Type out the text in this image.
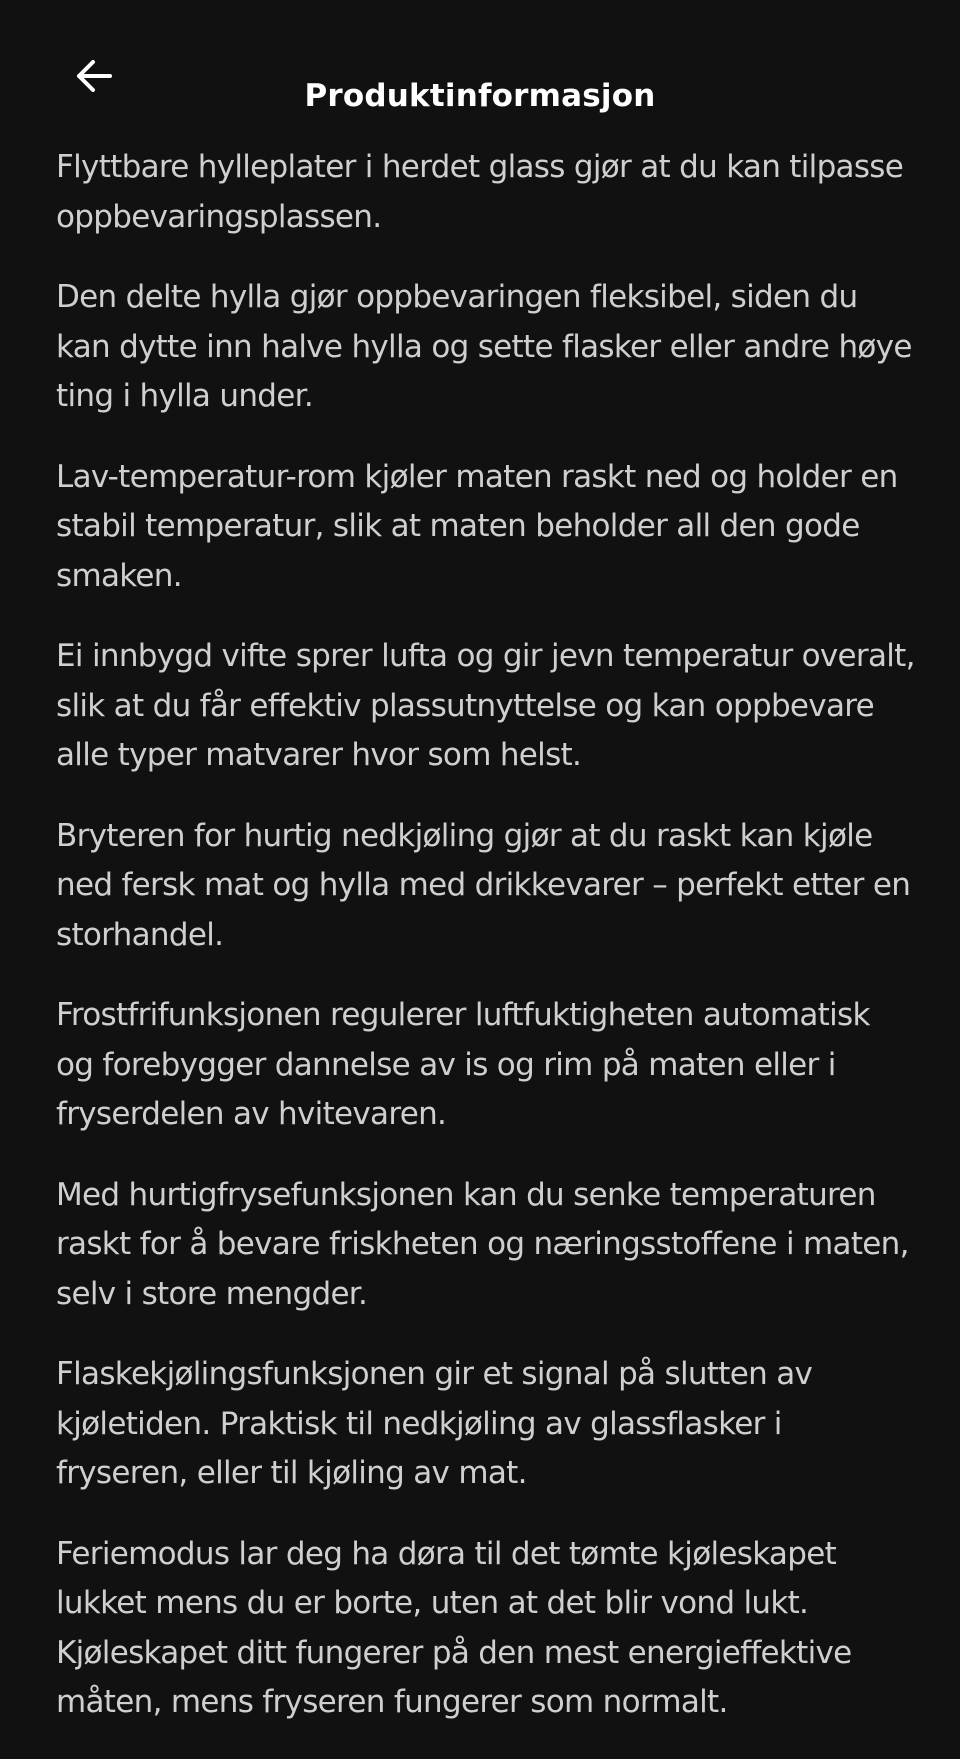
Produktinformasjon

Flyttbare hylleplater i herdet glass gjør at du kan tilpasse oppbevaringsplassen.

Den delte hylla gjør oppbevaringen fleksibel, siden du kan dytte inn halve hylla og sette flasker eller andre høye ting i hylla under.

Lav-temperatur-rom kjøler maten raskt ned og holder en stabil temperatur, slik at maten beholder all den gode smaken.

Ei innbygd vifte sprer lufta og gir jevn temperatur overalt, slik at du får effektiv plassutnyttelse og kan oppbevare alle typer matvarer hvor som helst.

Bryteren for hurtig nedkjøling gjør at du raskt kan kjøle ned fersk mat og hylla med drikkevarer – perfekt etter en storhandel.

Frostfrifunksjonen regulerer luftfuktigheten automatisk og forebygger dannelse av is og rim på maten eller i fryserdelen av hvitevaren.

Med hurtigfrysefunksjonen kan du senke temperaturen raskt for å bevare friskheten og næringsstoffene i maten, selv i store mengder.

Flaskekjølingsfunksjonen gir et signal på slutten av kjøletiden. Praktisk til nedkjøling av glassflasker i fryseren, eller til kjøling av mat.

Feriemodus lar deg ha døra til det tømte kjøleskapet lukket mens du er borte, uten at det blir vond lukt. Kjøleskapet ditt fungerer på den mest energieffektive måten, mens fryseren fungerer som normalt.
